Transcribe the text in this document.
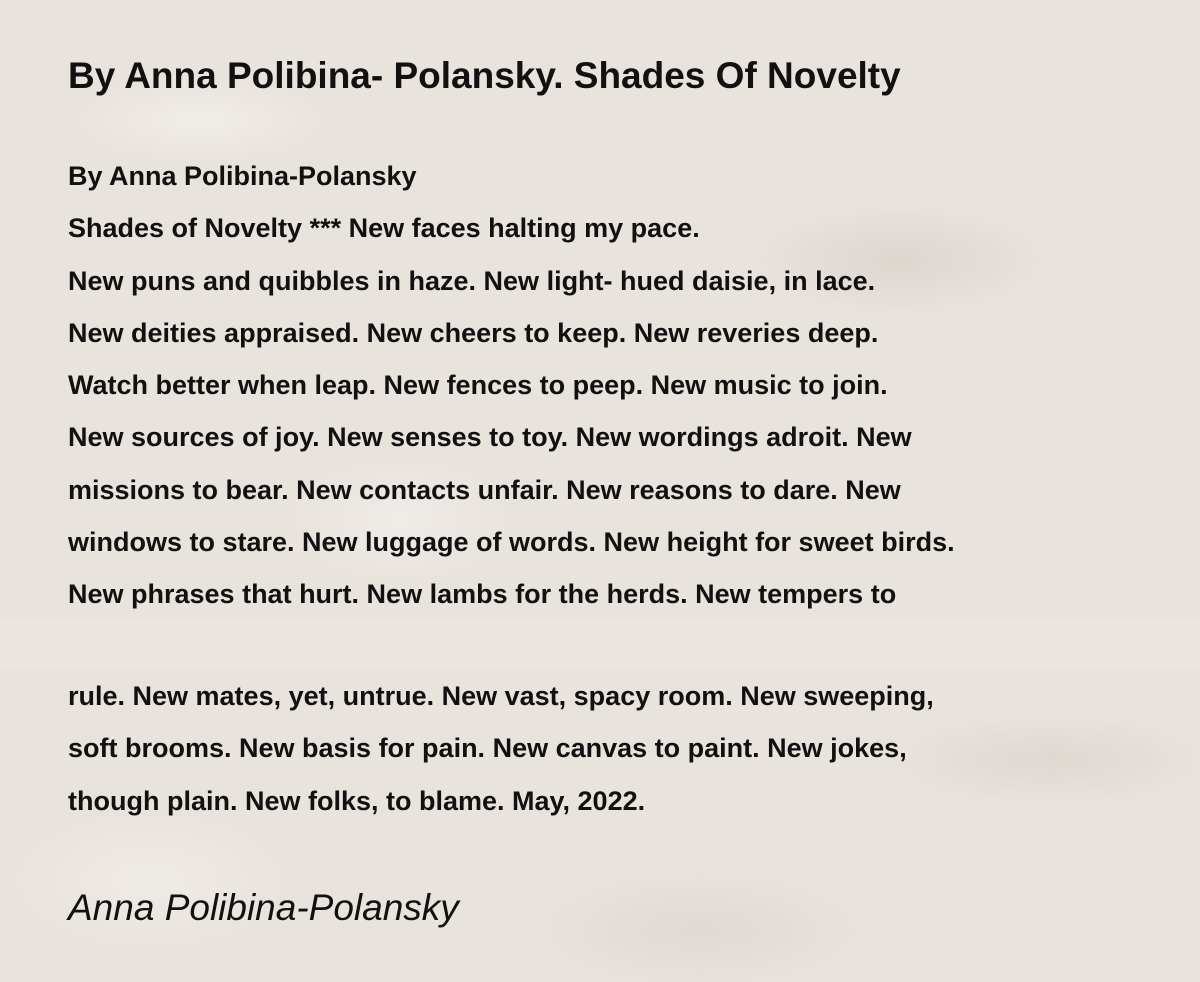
By Anna Polibina- Polansky. Shades Of Novelty
By Anna Polibina-Polansky
Shades of Novelty *** New faces halting my pace.
New puns and quibbles in haze. New light- hued daisie, in lace.
New deities appraised. New cheers to keep. New reveries deep.
Watch better when leap. New fences to peep. New music to join.
New sources of joy. New senses to toy. New wordings adroit. New
missions to bear. New contacts unfair. New reasons to dare. New
windows to stare. New luggage of words. New height for sweet birds.
New phrases that hurt. New lambs for the herds. New tempers to
rule. New mates, yet, untrue. New vast, spacy room. New sweeping,
soft brooms. New basis for pain. New canvas to paint. New jokes,
though plain. New folks, to blame. May, 2022.
Anna Polibina-Polansky
